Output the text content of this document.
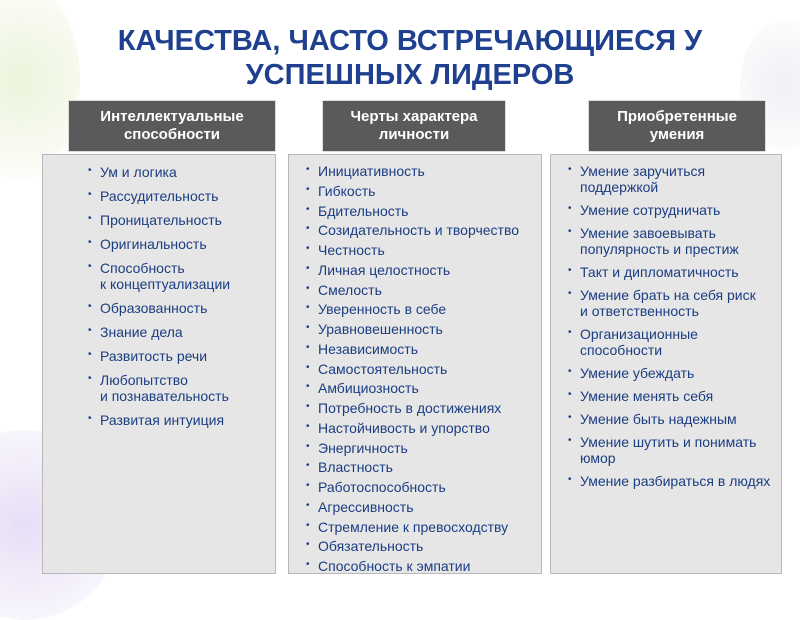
КАЧЕСТВА, ЧАСТО ВСТРЕЧАЮЩИЕСЯ У
УСПЕШНЫХ ЛИДЕРОВ
Интеллектуальные способности
• Ум и логика
• Рассудительность
• Проницательность
• Оригинальность
• Способность
к концептуализации
• Образованность
• Знание дела
• Развитость речи
• Любопытство
и познавательность
• Развитая интуиция
Черты характера личности
• Инициативность
• Гибкость
• Бдительность
• Созидательность и творчество
• Честность
• Личная целостность
• Смелость
• Уверенность в себе
• Уравновешенность
• Независимость
• Самостоятельность
• Амбициозность
• Потребность в достижениях
• Настойчивость и упорство
• Энергичность
• Властность
• Работоспособность
• Агрессивность
• Стремление к превосходству
• Обязательность
• Способность к эмпатии
Приобретенные умения
• Умение заручиться
поддержкой
• Умение сотрудничать
• Умение завоевывать
популярность и престиж
• Такт и дипломатичность
• Умение брать на себя риск
и ответственность
• Организационные
способности
• Умение убеждать
• Умение менять себя
• Умение быть надежным
• Умение шутить и понимать
юмор
• Умение разбираться в людях
